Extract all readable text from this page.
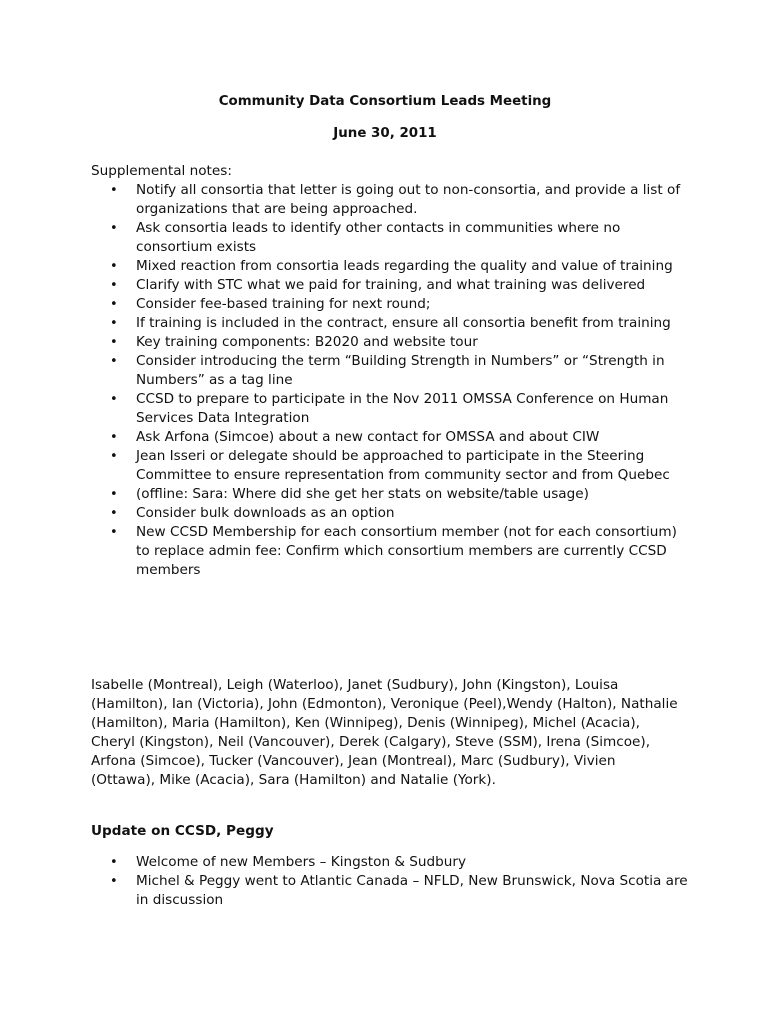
Community Data Consortium Leads Meeting
June 30, 2011
Supplemental notes:
•	Notify all consortia that letter is going out to non-consortia, and provide a list of organizations that are being approached.
•	Ask consortia leads to identify other contacts in communities where no consortium exists
•	Mixed reaction from consortia leads regarding the quality and value of training
•	Clarify with STC what we paid for training, and what training was delivered
•	Consider fee-based training for next round;
•	If training is included in the contract, ensure all consortia benefit from training
•	Key training components: B2020 and website tour
•	Consider introducing the term “Building Strength in Numbers” or “Strength in Numbers” as a tag line
•	CCSD to prepare to participate in the Nov 2011 OMSSA Conference on Human Services Data Integration
•	Ask Arfona (Simcoe) about a new contact for OMSSA and about CIW
•	Jean Isseri or delegate should be approached to participate in the Steering Committee to ensure representation from community sector and from Quebec
•	(offline: Sara: Where did she get her stats on website/table usage)
•	Consider bulk downloads as an option
•	New CCSD Membership for each consortium member (not for each consortium) to replace admin fee: Confirm which consortium members are currently CCSD members
Isabelle (Montreal), Leigh (Waterloo), Janet (Sudbury), John (Kingston), Louisa (Hamilton), Ian (Victoria), John (Edmonton), Veronique (Peel),Wendy (Halton), Nathalie (Hamilton), Maria (Hamilton), Ken (Winnipeg), Denis (Winnipeg), Michel (Acacia), Cheryl (Kingston), Neil (Vancouver), Derek (Calgary), Steve (SSM), Irena (Simcoe), Arfona (Simcoe), Tucker (Vancouver), Jean (Montreal), Marc (Sudbury), Vivien (Ottawa), Mike (Acacia), Sara (Hamilton) and Natalie (York).
Update on CCSD, Peggy
•	Welcome of new Members – Kingston & Sudbury
•	Michel & Peggy went to Atlantic Canada – NFLD, New Brunswick, Nova Scotia are in discussion
